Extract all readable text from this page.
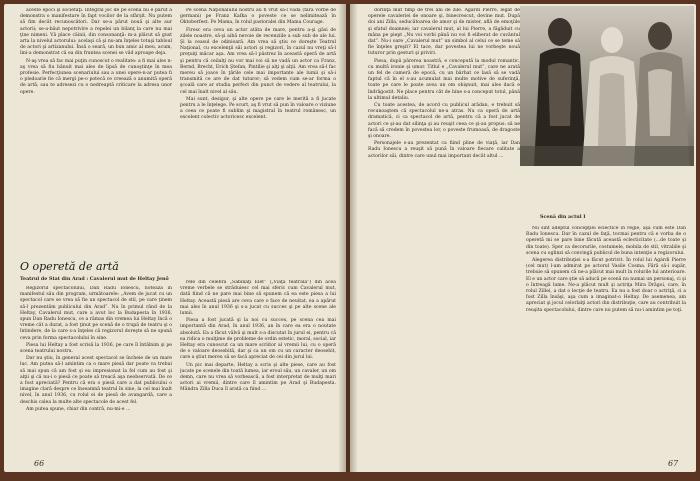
aceste epoci şi societăţi. Integral joc de pe scenă nu e părut a demonstra o manifestare în fapt vocilor de la sfârşit. Nu putem să fim decât recunoscători. Dar se-a părut nouă şi alte aur actorii; se-a-băut nepotrivire a repelei un bilanţ la care nu mai ţine nimeni. Vă place câinii, din consonanţă: m-a plăcut să gust arta la nivelul actorului: acelaşi că şi nu-am înţeles totuşi tabloul de actori şi artizanului. Însă o seară, un bun amic al meu, acum, îmi-a demonstrat că ea din fruntea scenei se văd aproape deja.

N-aş vrea să fac mai puţin cunoscut o realitate: a fi mai ales n-aş vrea să fiu bănuit mai ales de lipsă de cunoştinţe în mea profesie. Perfecţiunea scenariului sau a unei opere-n-ar putea fi o pledoarie fie că mergi pe-o potecă ce creează o anumită operă de artă, sau te adresezi cu o nedreaptă criticare la adresa unor opere.

Pe scena Naţionalului nostru au fi vrut să-l vadă (fără vorbe de germani) pe Franz Kafka o poveste ce se nelimitează în Oktoberfest. Pe Mama, în rolul pastoralei din Mama Courage.

Firesc era ceva un actor atâta de mare, pentru a-şi găsi de zilele noastre, să-şi aibă nevoie de recenziile a sub sub de ale lui. Şi la ceasul de odinioară. Am vrea să ştiu ce doreşte Teatrul Naţional, cu excelenţii săi actori şi regizori, în cazul nu vreţi să-l preţuiţi măcar aşa. Am vrea să-l păstrez în această operă de artă şi pentru că ceilalţi nu vor mai voi să ne vadă un actor ca Franz, Bernd, Brecht, Erich Ştefan, Pintilie şi alţi şi alţii. Am vrea să-l fac mereu să joace în ţările cele mai importante ale lumii şi să-i transmită ce are de dat tuturor; să vedem cum se-ar forma o şcoală care ar studia perfect din punct de vedere al teatrului, la cel mai înalt nivel al său.

Mai sunt, desigur, şi alte opere pe care le merită a fi jucate pentru a le înţelege. Pe scurt, aş fi vrut să pun în valoare o viziune a ceea ce poate fi sublim şi magistral în teatrul românesc, un excelent colectiv actoricesc excelent.

O operetă de artă
Teatrul de Stat din Arad : Cavalerul mut de Heltay Jenő

Regizorul spectacolului, Dan Radu Ionescu, noteaza în manifestul său din program, următoarele: „Avem de jucat cu un spectacol care se vrea să fie un spectacol de stil, pe care ţinem să-l prezentăm publicului din Arad”. Nu în primul rând de la Heltay, Cavalerul mut, care a avut loc la Budapesta în 1936, spun Dan Radu Ionescu, ce a rămas din vremea lui Heltay încă o vreme cât a durat, a fost ţinut pe scenă de o trupă de teatru şi o întindere, de la care s-a înţeles că regizorul doreşte să ne spună ceva prin forma spectacolului în sine.

Piesa lui Heltay a fost scrisă la 1936, pe care îl întâlnim şi pe scena teatrului nostru.

Dar nu ştiu, în general acest spectacol se încheie de un mare luc. Am putea să-l amintim ca o mare piesă dar poate va trebui să mai spun că am fost şi eu impresionat la fel cum au fost şi alţii şi că nu-i o piesă ce poate să treacă aşa neobservată. De ce a fost apreciată? Pentru că era o piesă care a dat publicului o imagine clară despre ce înseamnă teatrul în sine, la cel mai înalt nivel, în anul 1936, cu rolul ei de piesă de avangardă, care a deschis calea la multe alte spectacole de acest fel.

Am putea spune, chiar din contră, nu-mi-e …

rele din celebra „Sabinaţi Elet” („Viaţa teatrală”) din acea vreme verbele se străduiesc cel mai sferic cum Cavalerul mut, dată fiind că ne pare mai bine să spunem că ea este piesa a lui Heltay. Această piesă are ceva care o face de neuitat, ea a apărut mai ales în anul 1936 şi s-a jucat cu succes şi pe alte scene ale lumii.

Piesa a fost jucată şi la noi cu succes, pe scena cea mai importantă din Arad, în anul 1936, an în care ea era o noutate absolută. Ea a făcut vâlvă şi mult s-a discutat în jurul ei, pentru că ea ridica o mulţime de probleme de ordin estetic, moral, social, iar Heltay era cunoscut ca un mare scriitor al vremii lui, cu o operă de o valoare deosebită, dar şi ca un om cu un caracter deosebit, care a ştiut mereu să se facă apreciat de cei din jurul lui.

Un pic mai departe, Heltay a scris şi alte piese, care au fost jucate pe scenele din toată lumea, iar eroul său, un cavaler, un om demn, care nu vrea să vorbească, a fost interpretat de mulţi mari actori ai vremii, dintre care îl amintim pe Arad şi Budapesta. Mândra Zilla Duca îl arată ca fiind …

66

dorinţă mut timp de trei ani de zile. Agárdi Pierre, legat de operele cavaleriei de onoare şi, binecrescut, devine mut. După doi ani Zilla, seducătoarea de amor şi de mister, află de emoţiile şi sfatul doamnei; iar cavalerul mut, al lui Pierre, a făgăduit cu mâna pe piept „Nu voi vorbi până nu voi fi eliberat de cuvântul dat”. Nu-i oare „Cavalerul mut” un simbol al celui ce se teme să fie înţeles greşit? El tace, dar povestea lui ne vorbeşte nouă tuturor prin gesturi şi priviri.

Piesa, după părerea noastră, e concepută la modul romantic, cu multă ironie şi umor. Titlul e „Cavalerul mut”, care ne arată un fel de cameră de epocă, cu un bărbat ce lasă să se vadă faptul că în el s-au acumulat mai multe motive de suferinţă, toate pe care le poate avea un om obişnuit, mai ales dacă e îndrăgostit. Ne place pentru cât de bine s-a conceput totul, până la ultimul detaliu.

Cu toate acestea, de acord cu publicul arădan, e trebuit să recunoaştem că spectacolul ne-a atras. Nu ca operă de artă dramatică, ci ca spectacol de artă, pentru că a fost jucat de actori ce şi-au dat silinţa şi au reuşit ceea ce şi-au propus: să ne facă să credem în povestea lor, o poveste frumoasă, de dragoste şi onoare.

Personajele s-au prezentat ca fiind pline de viaţă, iar Dan Radu Ionescu a reuşit să pună în valoare fiecare calitate a actorilor săi, dintre care unul mai important decât altul …

Scenă din actul I

Nu sînt adeptul concepţiei eclectice în regie, aşa cum este Dan Radu Ionescu. Dar în cazul de faţă, tocmai pentru că e vorba de o operetă mi se pare bine făcută această eclecticitate (...de toate şi din toate). Sper ca decorurile, costumele, mobila de stil, vitraliile şi scena cu oglinzi să convingă publicul de buna intenţie a regizorului.

Alegerea distribuţiei s-a făcut potrivit. În rolul lui Agárdi Pierre (cel mut) l-am admirat pe actorul Vasile Cosma. Fără să-i supăr, trebuie să spunem că ne-a plăcut mai mult în rolurile lui anterioare. El e un actor care ştie să aducă pe scenă nu numai un personaj, ci şi o întreagă lume. Ne-a plăcut mult şi actriţa Mira Drăgoi, care, în rolul Zillei, a dat o lecţie de teatru. Ea nu a fost doar o actriţă, ci a fost Zilla însăşi, aşa cum a imaginat-o Heltay. De asemenea, am apreciat şi jocul celorlalţi actori din distribuţie, care au contribuit la reuşita spectacolului, dintre care nu putem să nu-i amintim pe toţi.

67
